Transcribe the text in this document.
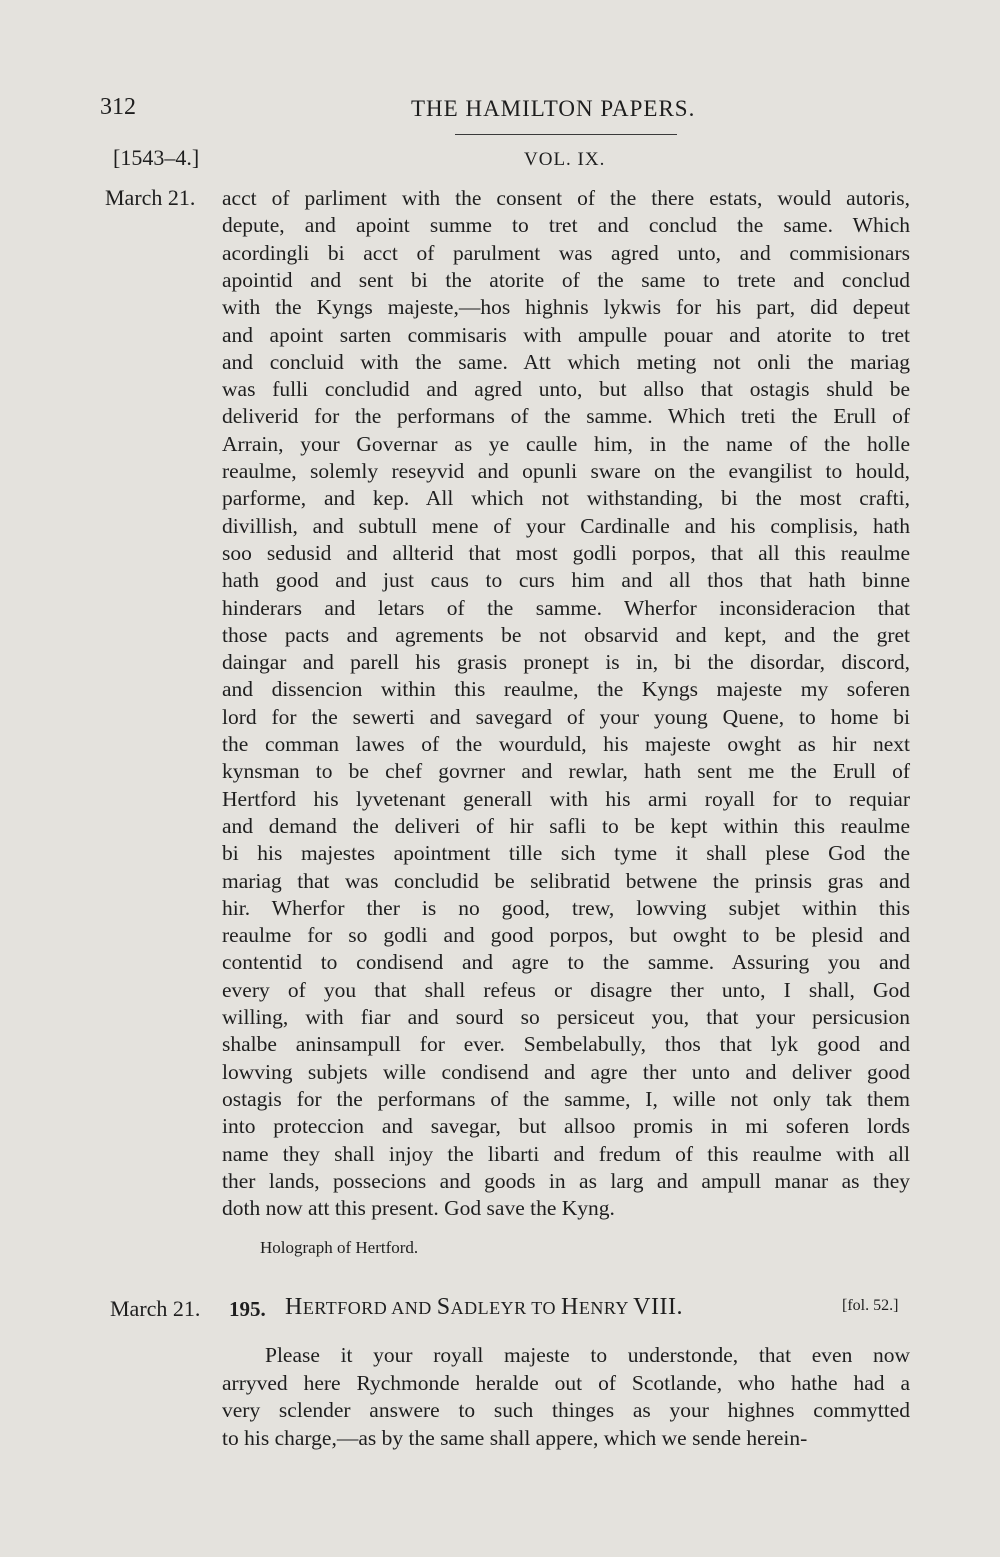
312	THE HAMILTON PAPERS.
[1543–4.]	VOL. IX.
March 21. acct of parliment with the consent of the there estats, would autoris,
depute, and apoint summe to tret and conclud the same. Which
acordingli bi acct of parulment was agred unto, and commisionars
apointid and sent bi the atorite of the same to trete and conclud
with the Kyngs majeste,—hos highnis lykwis for his part, did depeut
and apoint sarten commisaris with ampulle pouar and atorite to tret
and concluid with the same. Att which meting not onli the mariag
was fulli concludid and agred unto, but allso that ostagis shuld be
deliverid for the performans of the samme. Which treti the Erull of
Arrain, your Governar as ye caulle him, in the name of the holle
reaulme, solemly reseyvid and opunli sware on the evangilist to hould,
parforme, and kep. All which not withstanding, bi the most crafti,
divillish, and subtull mene of your Cardinalle and his complisis, hath
soo sedusid and allterid that most godli porpos, that all this reaulme
hath good and just caus to curs him and all thos that hath binne
hinderars and letars of the samme. Wherfor inconsideracion that
those pacts and agrements be not obsarvid and kept, and the gret
daingar and parell his grasis pronept is in, bi the disordar, discord,
and dissencion within this reaulme, the Kyngs majeste my soferen
lord for the sewerti and savegard of your young Quene, to home bi
the comman lawes of the wourduld, his majeste owght as hir next
kynsman to be chef govrner and rewlar, hath sent me the Erull of
Hertford his lyvetenant generall with his armi royall for to requiar
and demand the deliveri of hir safli to be kept within this reaulme
bi his majestes apointment tille sich tyme it shall plese God the
mariag that was concludid be selibratid betwene the prinsis gras and
hir. Wherfor ther is no good, trew, lowving subjet within this
reaulme for so godli and good porpos, but owght to be plesid and
contentid to condisend and agre to the samme. Assuring you and
every of you that shall refeus or disagre ther unto, I shall, God
willing, with fiar and sourd so persiceut you, that your persicusion
shalbe aninsampull for ever. Sembelabully, thos that lyk good and
lowving subjets wille condisend and agre ther unto and deliver good
ostagis for the performans of the samme, I, wille not only tak them
into proteccion and savegar, but allsoo promis in mi soferen lords
name they shall injoy the libarti and fredum of this reaulme with all
ther lands, possecions and goods in as larg and ampull manar as they
doth now att this present. God save the Kyng.
Holograph of Hertford.
March 21. 195. HERTFORD AND SADLEYR TO HENRY VIII.	[fol. 52.]
Please it your royall majeste to understonde, that even now
arryved here Rychmonde heralde out of Scotlande, who hathe had a
very sclender answere to such thinges as your highnes commytted
to his charge,—as by the same shall appere, which we sende herein-
